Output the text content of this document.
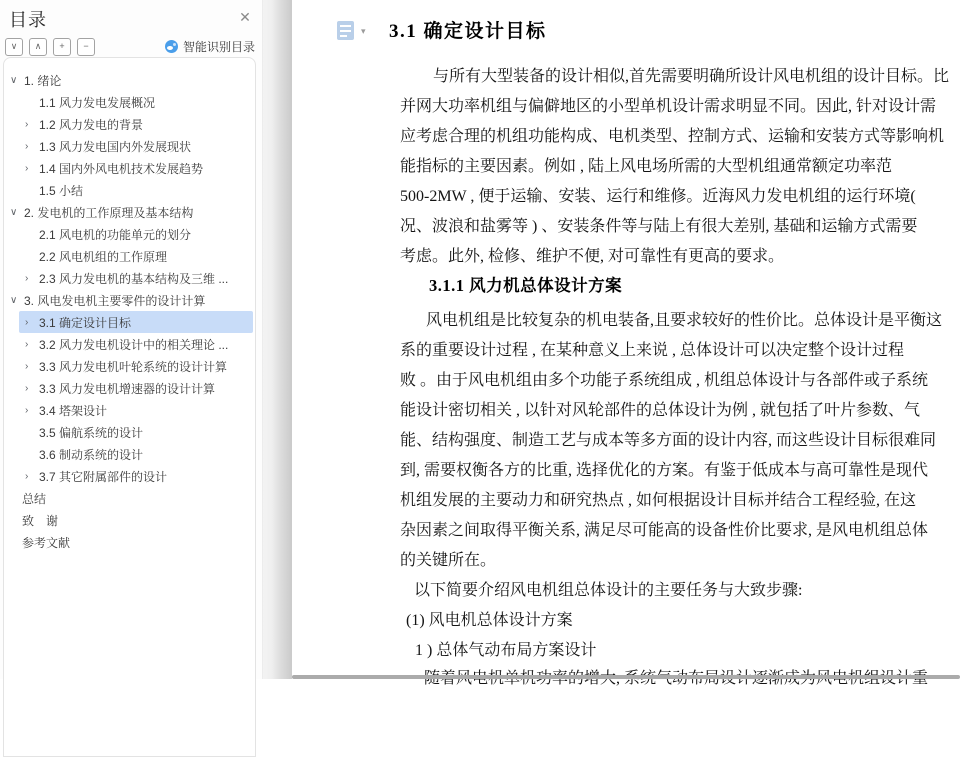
目录	✕
∨	∧	+	−	智能识别目录
∨ 1. 绪论
1.1 风力发电发展概况
› 1.2 风力发电的背景
› 1.3 风力发电国内外发展现状
› 1.4 国内外风电机技术发展趋势
1.5 小结
∨ 2. 发电机的工作原理及基本结构
2.1 风电机的功能单元的划分
2.2 风电机组的工作原理
› 2.3 风力发电机的基本结构及三维 ...
∨ 3. 风电发电机主要零件的设计计算
› 3.1 确定设计目标
› 3.2 风力发电机设计中的相关理论 ...
› 3.3 风力发电机叶轮系统的设计计算
› 3.3 风力发电机增速器的设计计算
› 3.4 塔架设计
3.5 偏航系统的设计
3.6 制动系统的设计
› 3.7 其它附属部件的设计
总结
致　谢
参考文献
▾ 3.1 确定设计目标
与所有大型装备的设计相似,首先需要明确所设计风电机组的设计目标。比
并网大功率机组与偏僻地区的小型单机设计需求明显不同。因此, 针对设计需
应考虑合理的机组功能构成、电机类型、控制方式、运输和安装方式等影响机
能指标的主要因素。例如 , 陆上风电场所需的大型机组通常额定功率范
500-2MW , 便于运输、安装、运行和维修。近海风力发电机组的运行环境(
况、波浪和盐雾等 ) 、安装条件等与陆上有很大差别, 基础和运输方式需要
考虑。此外, 检修、维护不便, 对可靠性有更高的要求。
3.1.1 风力机总体设计方案
风电机组是比较复杂的机电装备,且要求较好的性价比。总体设计是平衡这
系的重要设计过程 , 在某种意义上来说 , 总体设计可以决定整个设计过程
败 。由于风电机组由多个功能子系统组成 , 机组总体设计与各部件或子系统
能设计密切相关 , 以针对风轮部件的总体设计为例 , 就包括了叶片参数、气
能、结构强度、制造工艺与成本等多方面的设计内容, 而这些设计目标很难同
到, 需要权衡各方的比重, 选择优化的方案。有鉴于低成本与高可靠性是现代
机组发展的主要动力和研究热点 , 如何根据设计目标并结合工程经验, 在这
杂因素之间取得平衡关系, 满足尽可能高的设备性价比要求, 是风电机组总体
的关键所在。
以下简要介绍风电机组总体设计的主要任务与大致步骤:
(1) 风电机总体设计方案
1 ) 总体气动布局方案设计
